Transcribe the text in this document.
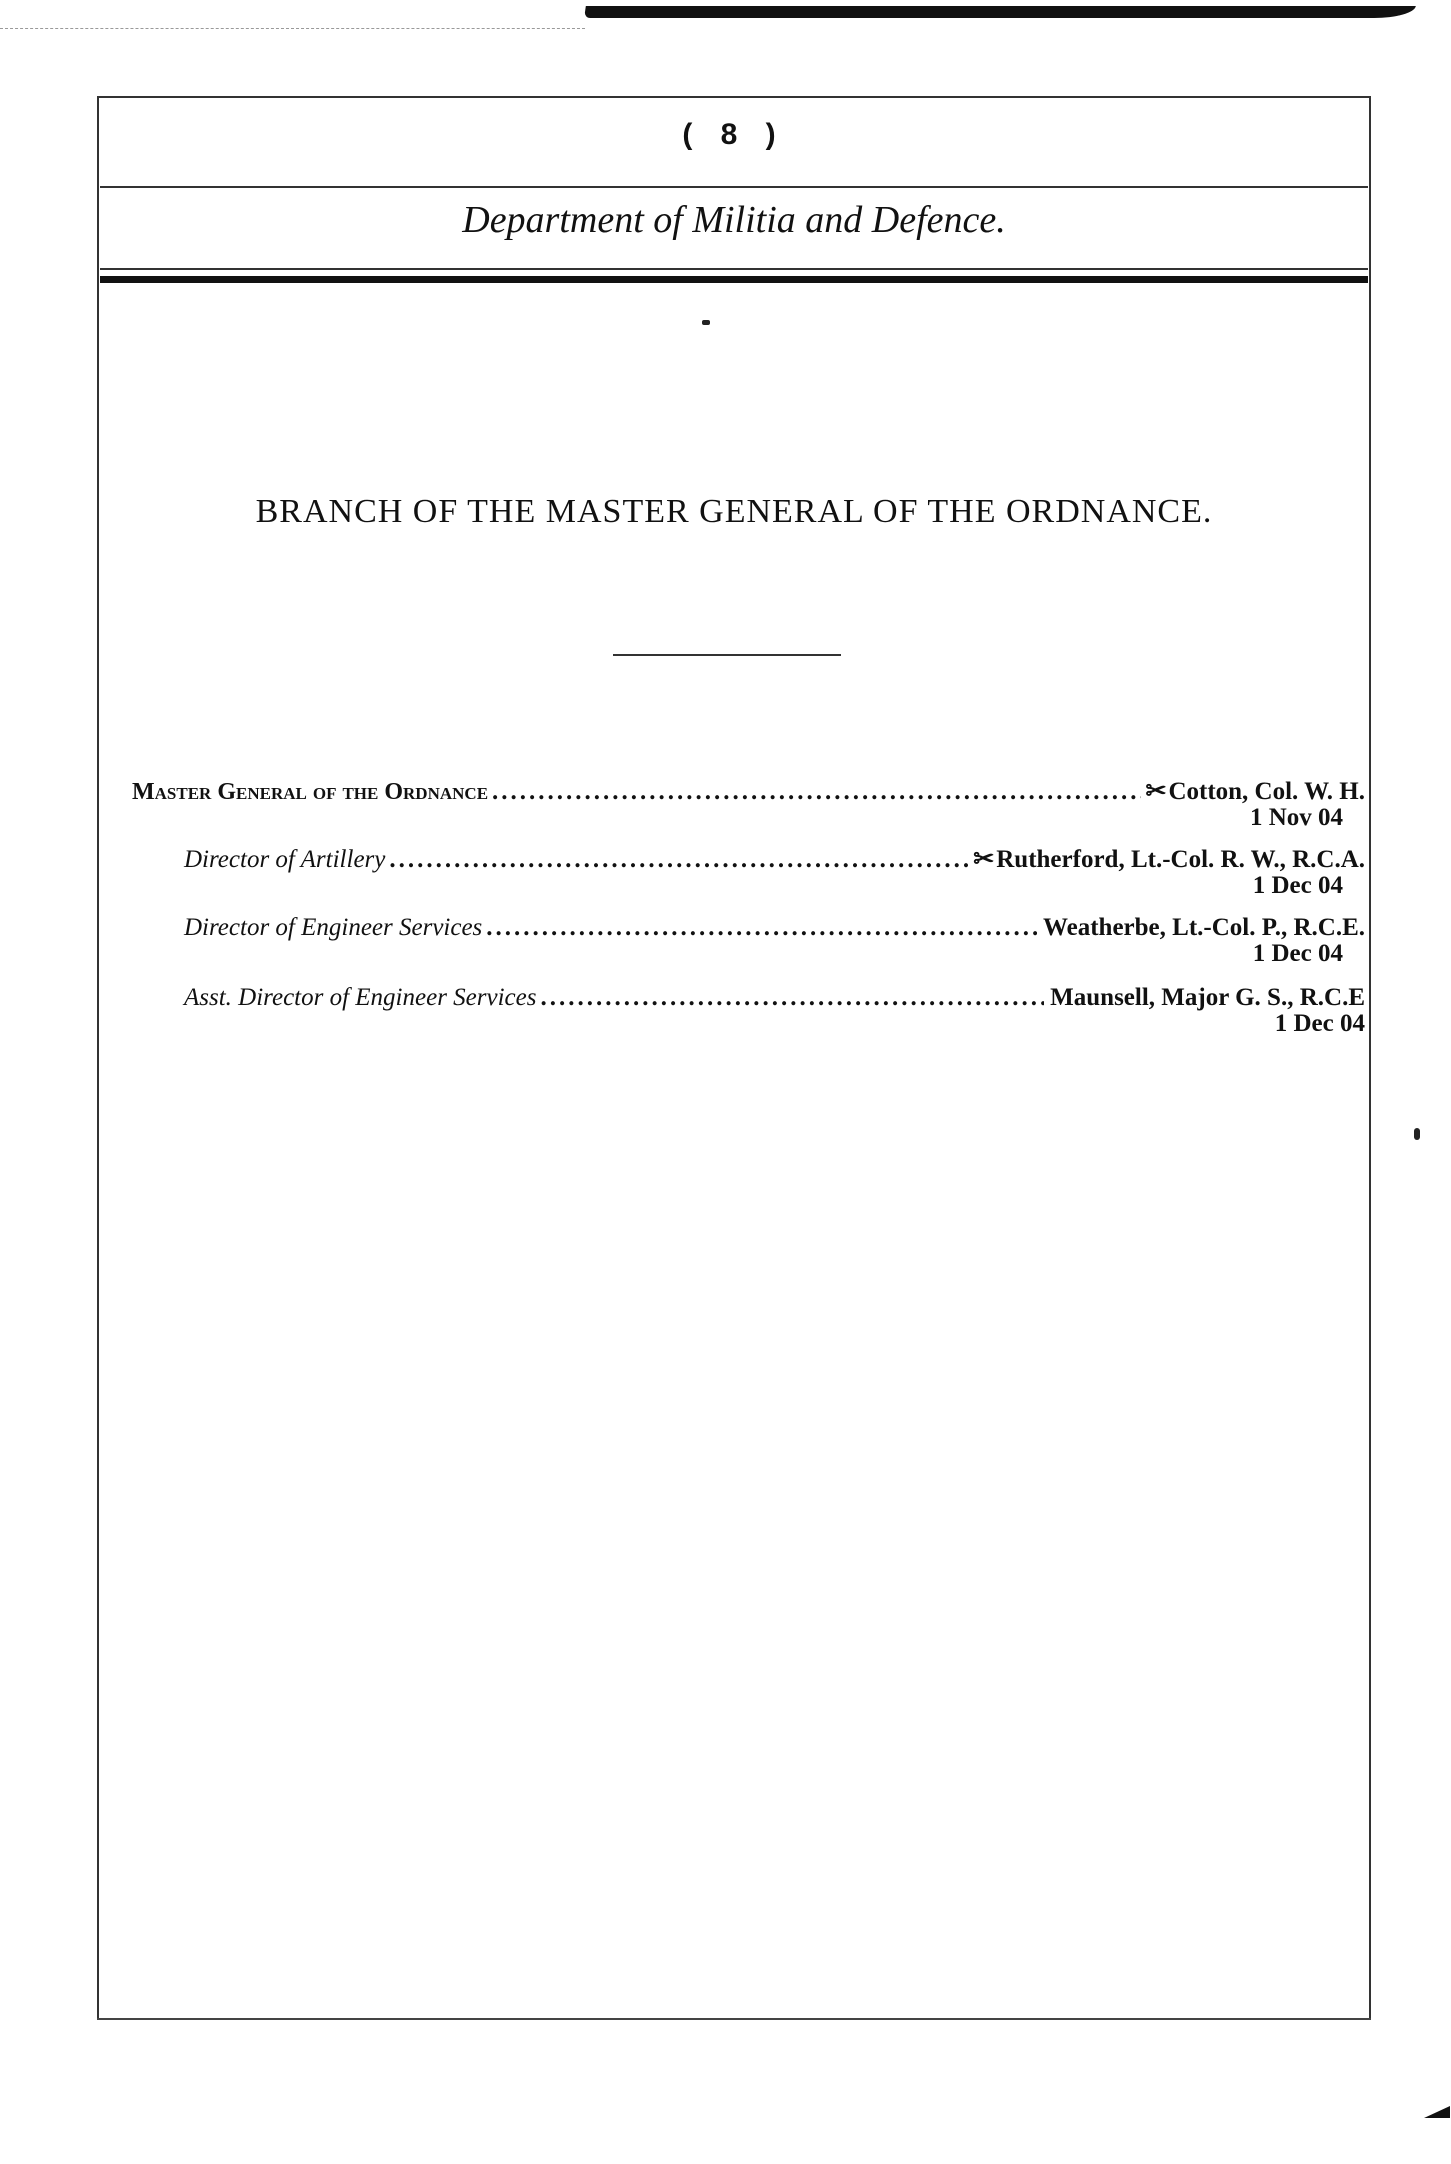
( 8 )
Department of Militia and Defence.
BRANCH OF THE MASTER GENERAL OF THE ORDNANCE.
Master General of the Ordnance .....	✂Cotton, Col. W. H.
1 Nov 04
Director of Artillery .....	✂Rutherford, Lt.-Col. R. W., R.C.A.
1 Dec 04
Director of Engineer Services .....	Weatherbe, Lt.-Col. P., R.C.E.
1 Dec 04
Asst. Director of Engineer Services .....	Maunsell, Major G. S., R.C.E
1 Dec 04
